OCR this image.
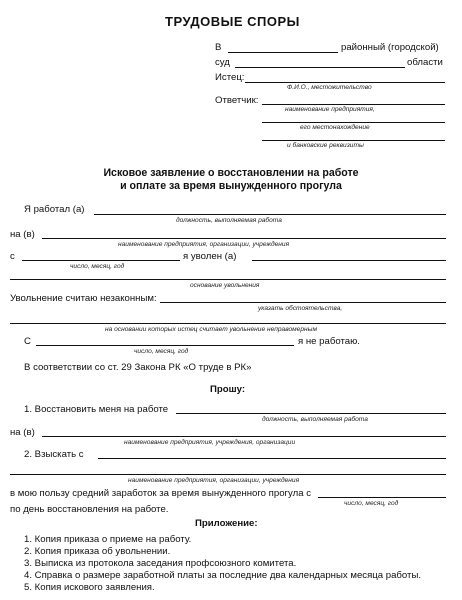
ТРУДОВЫЕ СПОРЫ
В	районный (городской)
суд	области
Истец:
Ф.И.О., местожительство
Ответчик:
наименование предприятия,
его местонахождение
и банковские реквизиты
Исковое заявление о восстановлении на работе
и оплате за время вынужденного прогула
Я работал (а)
должность, выполняемая работа
на (в)
наименование предприятия, организации, учреждения
с	я уволен (а)
число, месяц, год
основание увольнения
Увольнение считаю незаконным:
указать обстоятельства,
на основании которых истец считает увольнение неправомерным
С	я не работаю.
число, месяц, год
В соответствии со ст. 29 Закона РК «О труде в РК»
Прошу:
1. Восстановить меня на работе
должность, выполняемая работа
на (в)
наименование предприятия, учреждения, организации
2. Взыскать с
наименование предприятия, организации, учреждения
в мою пользу средний заработок за время вынужденного прогула с
число, месяц, год
по день восстановления на работе.
Приложение:
1. Копия приказа о приеме на работу.
2. Копия приказа об увольнении.
3. Выписка из протокола заседания профсоюзного комитета.
4. Справка о размере заработной платы за последние два календарных месяца работы.
5. Копия искового заявления.
